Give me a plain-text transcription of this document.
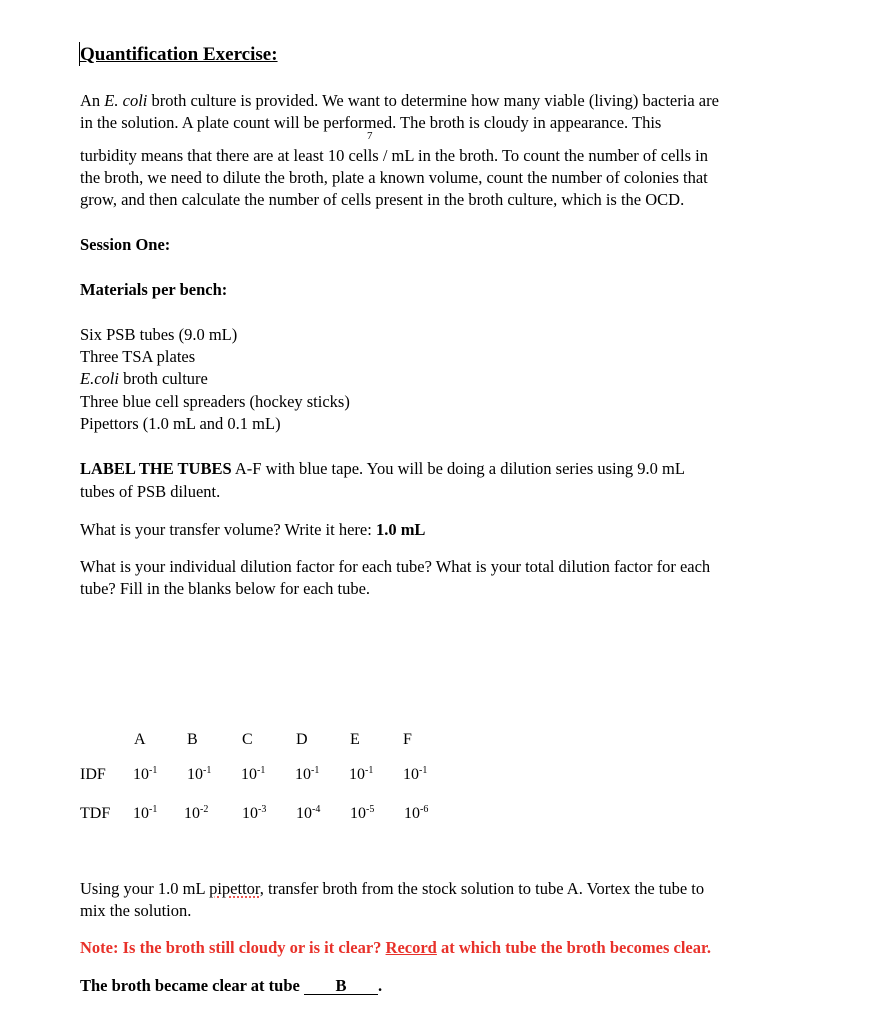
Quantification Exercise:
An E. coli broth culture is provided. We want to determine how many viable (living) bacteria are
in the solution. A plate count will be performed. The broth is cloudy in appearance. This
7
turbidity means that there are at least 10 cells / mL in the broth. To count the number of cells in
the broth, we need to dilute the broth, plate a known volume, count the number of colonies that
grow, and then calculate the number of cells present in the broth culture, which is the OCD.
Session One:
Materials per bench:
Six PSB tubes (9.0 mL)
Three TSA plates
E.coli broth culture
Three blue cell spreaders (hockey sticks)
Pipettors (1.0 mL and 0.1 mL)
LABEL THE TUBES A-F with blue tape. You will be doing a dilution series using 9.0 mL
tubes of PSB diluent.
What is your transfer volume? Write it here: 1.0 mL
What is your individual dilution factor for each tube? What is your total dilution factor for each
tube? Fill in the blanks below for each tube.
A	B	C	D	E	F
IDF $10^{-1}$ $10^{-1}$ $10^{-1}$ $10^{-1}$ $10^{-1}$ $10^{-1}$
TDF $10^{-1}$ $10^{-2}$ $10^{-3}$ $10^{-4}$ $10^{-5}$ $10^{-6}$
Using your 1.0 mL pipettor, transfer broth from the stock solution to tube A. Vortex the tube to
mix the solution.
Note: Is the broth still cloudy or is it clear? Record at which tube the broth becomes clear.
The broth became clear at tube B .
